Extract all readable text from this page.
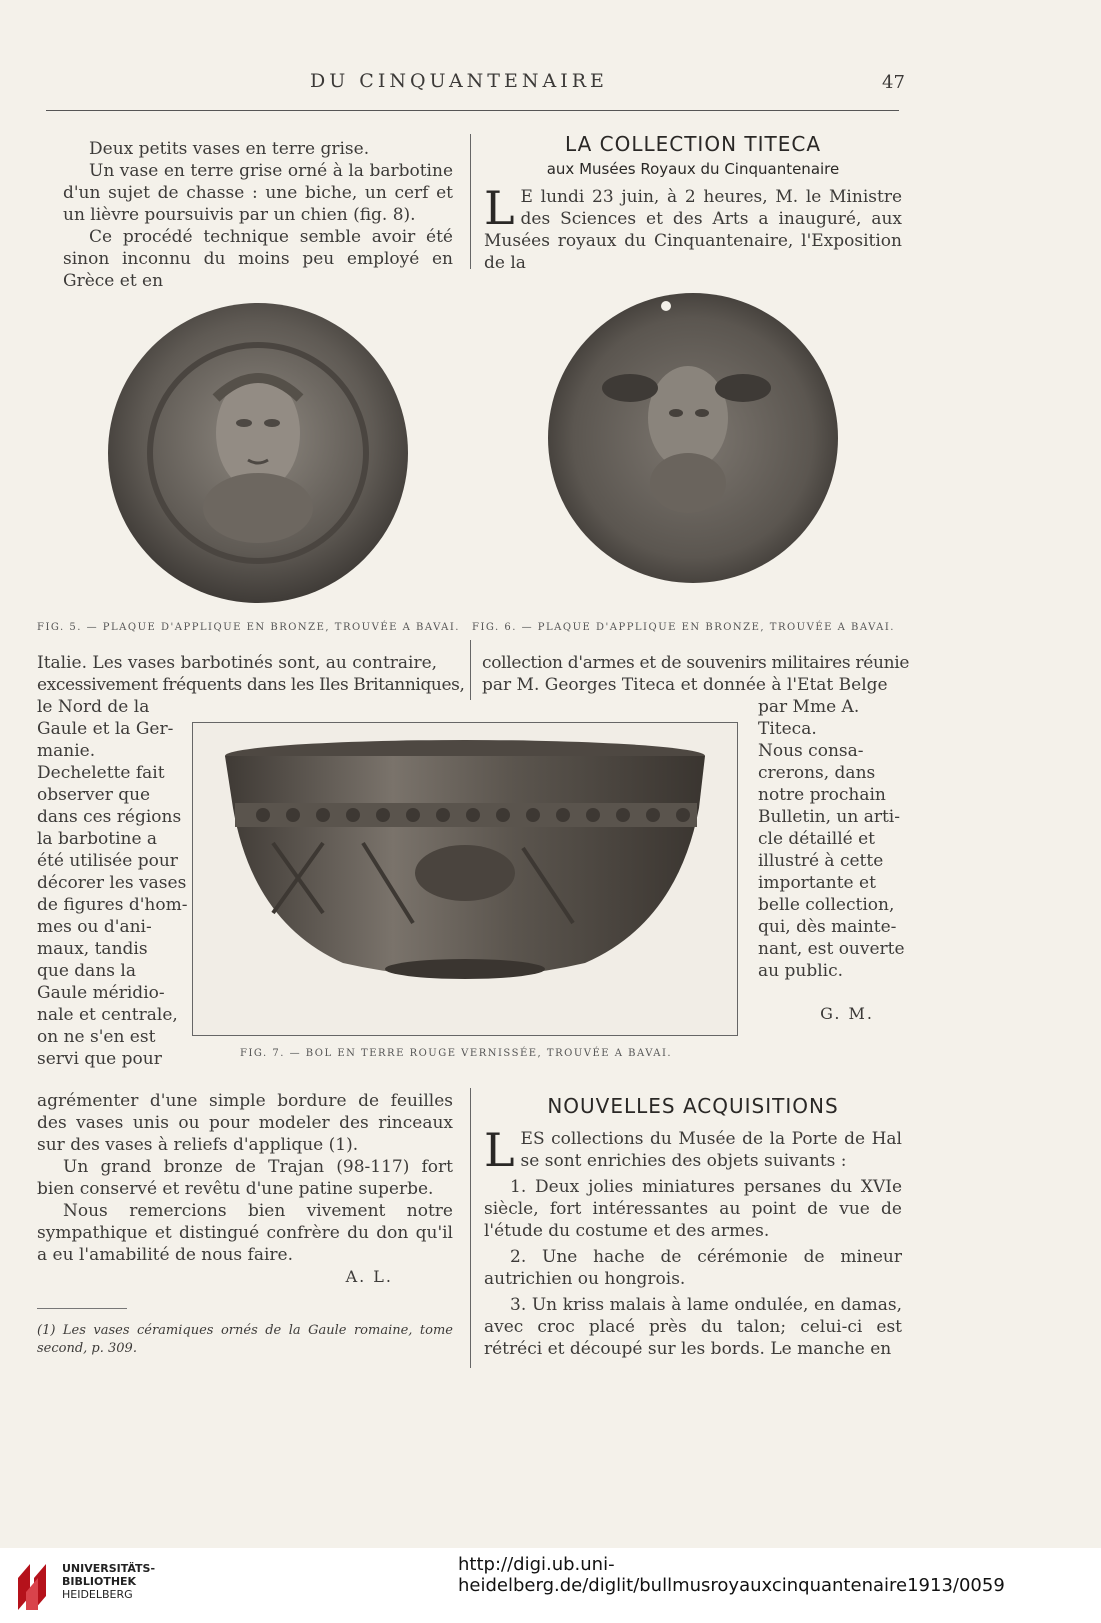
DU CINQUANTENAIRE	47

Deux petits vases en terre grise.

Un vase en terre grise orné à la barbotine d'un sujet de chasse : une biche, un cerf et un lièvre poursuivis par un chien (fig. 8).

Ce procédé technique semble avoir été sinon inconnu du moins peu employé en Grèce et en

LA COLLECTION TITECA
aux Musées Royaux du Cinquantenaire
L E lundi 23 juin, à 2 heures, M. le Ministre des Sciences et des Arts a inauguré, aux Musées royaux du Cinquantenaire, l'Exposition de la

FIG. 5. — PLAQUE D'APPLIQUE EN BRONZE, TROUVÉE A BAVAI. FIG. 6. — PLAQUE D'APPLIQUE EN BRONZE, TROUVÉE A BAVAI.

Italie. Les vases barbotinés sont, au contraire,

excessivement fréquents dans les Iles Britanniques,

le Nord de la

Gaule et la Ger-

manie.

Dechelette fait

observer que

dans ces régions

la barbotine a

été utilisée pour

décorer les vases

de figures d'hom-

mes ou d'ani-

maux, tandis

que dans la

Gaule méridio-

nale et centrale,

on ne s'en est

servi que pour

collection d'armes et de souvenirs militaires réunie

par M. Georges Titeca et donnée à l'Etat Belge

par Mme A.

Titeca.

Nous consa-

crerons, dans

notre prochain

Bulletin, un arti-

cle détaillé et

illustré à cette

importante et

belle collection,

qui, dès mainte-

nant, est ouverte

au public.

G. M.
FIG. 7. — BOL EN TERRE ROUGE VERNISSÉE, TROUVÉE A BAVAI.

agrémenter d'une simple bordure de feuilles des vases unis ou pour modeler des rinceaux sur des vases à reliefs d'applique (1).

Un grand bronze de Trajan (98-117) fort bien conservé et revêtu d'une patine superbe.

Nous remercions bien vivement notre sympathique et distingué confrère du don qu'il a eu l'amabilité de nous faire.

A. L.
(1) Les vases céramiques ornés de la Gaule romaine, tome second, p. 309.
NOUVELLES ACQUISITIONS
L ES collections du Musée de la Porte de Hal se sont enrichies des objets suivants :

1. Deux jolies miniatures persanes du XVIe siècle, fort intéressantes au point de vue de l'étude du costume et des armes.

2. Une hache de cérémonie de mineur autrichien ou hongrois.

3. Un kriss malais à lame ondulée, en damas, avec croc placé près du talon; celui-ci est rétréci et découpé sur les bords. Le manche en

UNIVERSITÄTS-
BIBLIOTHEK
HEIDELBERG
http://digi.ub.uni-heidelberg.de/diglit/bullmusroyauxcinquantenaire1913/0059
